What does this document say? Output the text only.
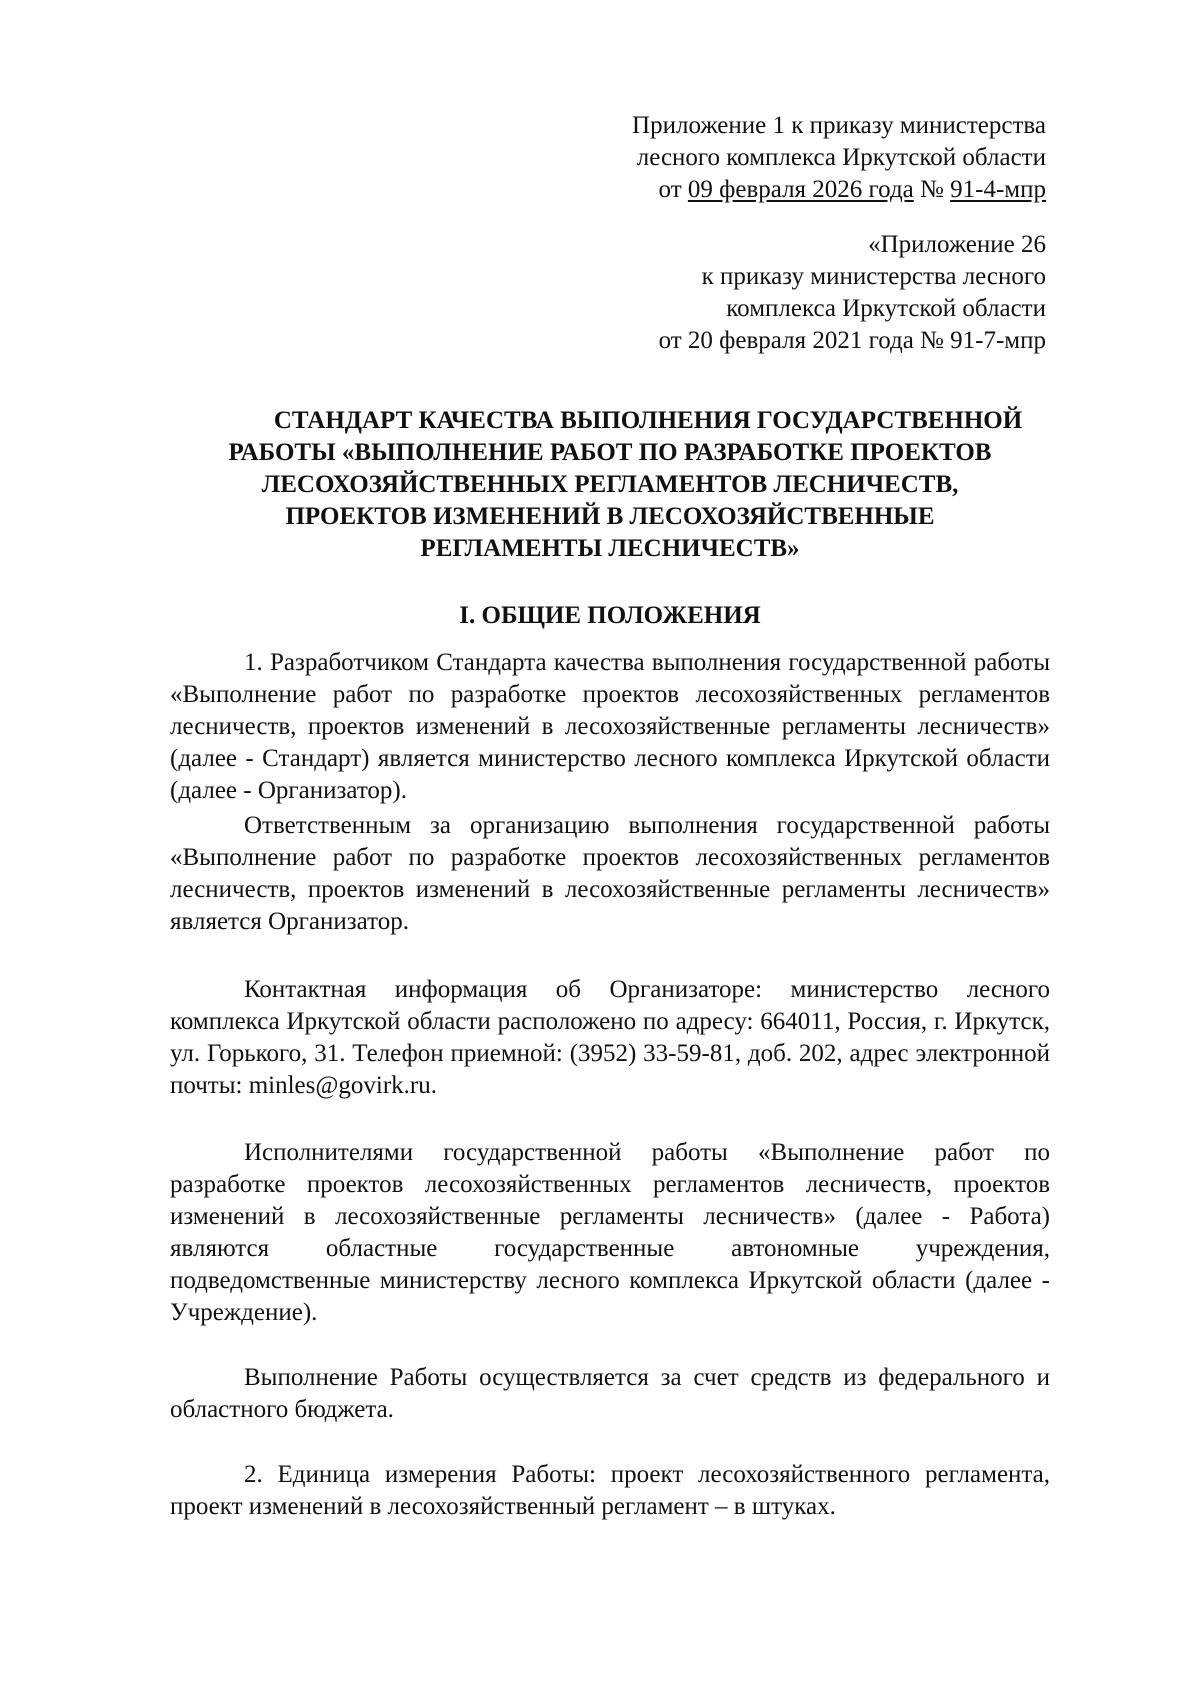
Приложение 1 к приказу министерства
лесного комплекса Иркутской области
от 09 февраля 2026 года № 91-4-мпр
«Приложение 26
к приказу министерства лесного
комплекса Иркутской области
от 20 февраля 2021 года № 91-7-мпр
СТАНДАРТ КАЧЕСТВА ВЫПОЛНЕНИЯ ГОСУДАРСТВЕННОЙ
РАБОТЫ «ВЫПОЛНЕНИЕ РАБОТ ПО РАЗРАБОТКЕ ПРОЕКТОВ
ЛЕСОХОЗЯЙСТВЕННЫХ РЕГЛАМЕНТОВ ЛЕСНИЧЕСТВ,
ПРОЕКТОВ ИЗМЕНЕНИЙ В ЛЕСОХОЗЯЙСТВЕННЫЕ
РЕГЛАМЕНТЫ ЛЕСНИЧЕСТВ»
I. ОБЩИЕ ПОЛОЖЕНИЯ

1. Разработчиком Стандарта качества выполнения государственной работы «Выполнение работ по разработке проектов лесохозяйственных регламентов лесничеств, проектов изменений в лесохозяйственные регламенты лесничеств» (далее - Стандарт) является министерство лесного комплекса Иркутской области (далее - Организатор).

Ответственным за организацию выполнения государственной работы «Выполнение работ по разработке проектов лесохозяйственных регламентов лесничеств, проектов изменений в лесохозяйственные регламенты лесничеств» является Организатор.

Контактная информация об Организаторе: министерство лесного комплекса Иркутской области расположено по адресу: 664011, Россия, г. Иркутск, ул. Горького, 31. Телефон приемной: (3952) 33-59-81, доб. 202, адрес электронной почты: minles@govirk.ru.

Исполнителями государственной работы «Выполнение работ по разработке проектов лесохозяйственных регламентов лесничеств, проектов изменений в лесохозяйственные регламенты лесничеств» (далее - Работа) являются областные государственные автономные учреждения, подведомственные министерству лесного комплекса Иркутской области (далее - Учреждение).

Выполнение Работы осуществляется за счет средств из федерального и областного бюджета.

2. Единица измерения Работы: проект лесохозяйственного регламента, проект изменений в лесохозяйственный регламент – в штуках.
